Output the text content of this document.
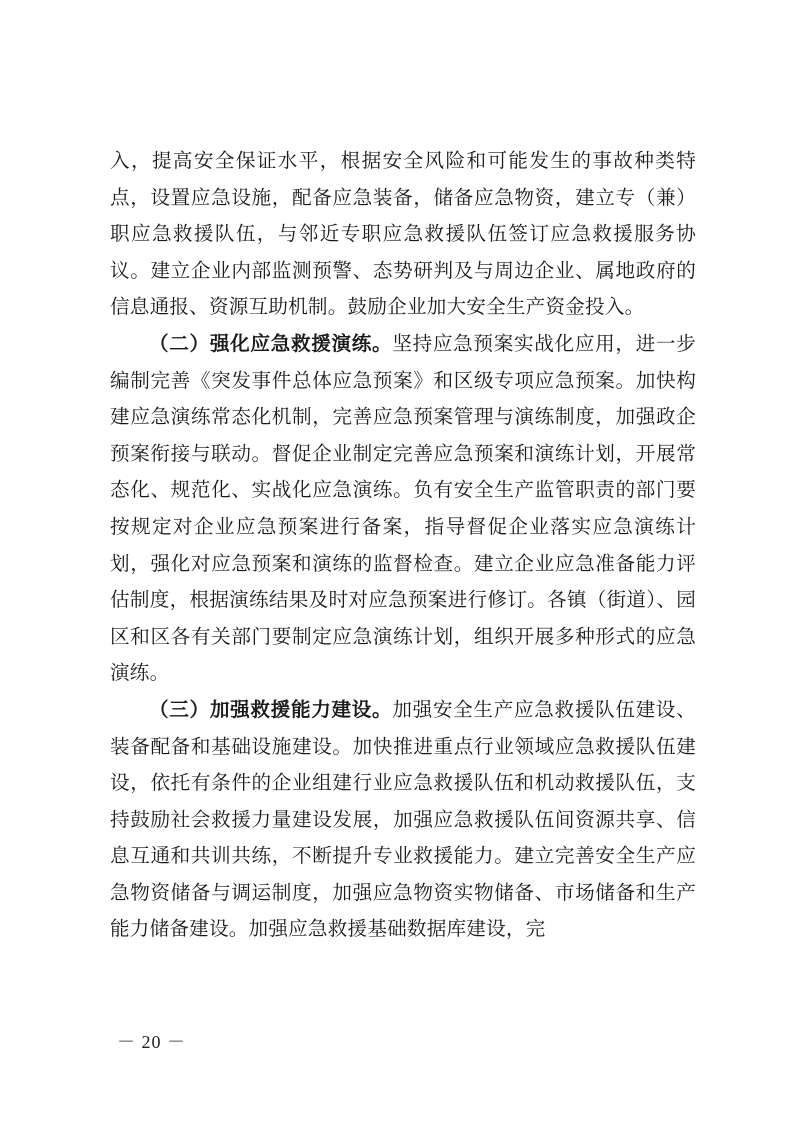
入，提高安全保证水平，根据安全风险和可能发生的事故种类特点，设置应急设施，配备应急装备，储备应急物资，建立专（兼）职应急救援队伍，与邻近专职应急救援队伍签订应急救援服务协议。建立企业内部监测预警、态势研判及与周边企业、属地政府的信息通报、资源互助机制。鼓励企业加大安全生产资金投入。

（二）强化应急救援演练。坚持应急预案实战化应用，进一步编制完善《突发事件总体应急预案》和区级专项应急预案。加快构建应急演练常态化机制，完善应急预案管理与演练制度，加强政企预案衔接与联动。督促企业制定完善应急预案和演练计划，开展常态化、规范化、实战化应急演练。负有安全生产监管职责的部门要按规定对企业应急预案进行备案，指导督促企业落实应急演练计划，强化对应急预案和演练的监督检查。建立企业应急准备能力评估制度，根据演练结果及时对应急预案进行修订。各镇（街道）、园区和区各有关部门要制定应急演练计划，组织开展多种形式的应急演练。

（三）加强救援能力建设。加强安全生产应急救援队伍建设、装备配备和基础设施建设。加快推进重点行业领域应急救援队伍建设，依托有条件的企业组建行业应急救援队伍和机动救援队伍，支持鼓励社会救援力量建设发展，加强应急救援队伍间资源共享、信息互通和共训共练，不断提升专业救援能力。建立完善安全生产应急物资储备与调运制度，加强应急物资实物储备、市场储备和生产能力储备建设。加强应急救援基础数据库建设，完

－ 20 －
